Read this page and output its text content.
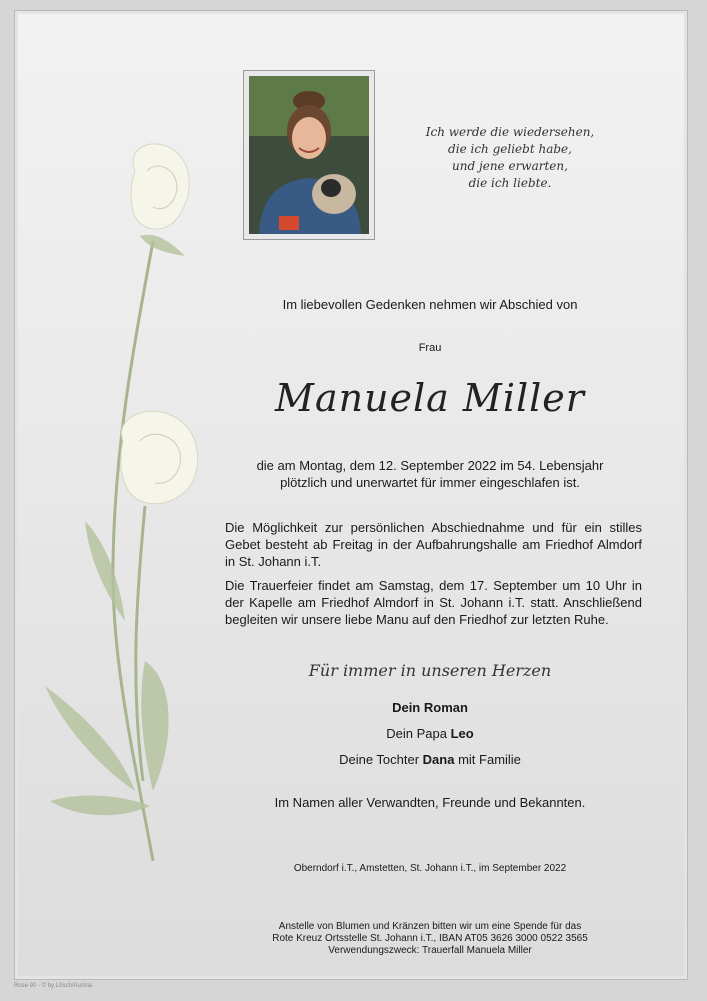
Ich werde die wiedersehen,
die ich geliebt habe,
und jene erwarten,
die ich liebte.
Im liebevollen Gedenken nehmen wir Abschied von
Frau
Manuela Miller
die am Montag, dem 12. September 2022 im 54. Lebensjahr
plötzlich und unerwartet für immer eingeschlafen ist.
Die Möglichkeit zur persönlichen Abschiednahme und für ein stilles Gebet besteht ab Freitag in der Aufbahrungshalle am Friedhof Almdorf in St. Johann i.T.
Die Trauerfeier findet am Samstag, dem 17. September um 10 Uhr in der Kapelle am Friedhof Almdorf in St. Johann i.T. statt. Anschließend begleiten wir unsere liebe Manu auf den Friedhof zur letzten Ruhe.
Für immer in unseren Herzen
Dein Roman
Dein Papa Leo
Deine Tochter Dana mit Familie
Im Namen aller Verwandten, Freunde und Bekannten.
Oberndorf i.T., Amstetten, St. Johann i.T., im September 2022
Anstelle von Blumen und Kränzen bitten wir um eine Spende für das
Rote Kreuz Ortsstelle St. Johann i.T., IBAN AT05 3626 3000 0522 3565
Verwendungszweck: Trauerfall Manuela Miller
Rose 90 - © by Lösch/Austria
